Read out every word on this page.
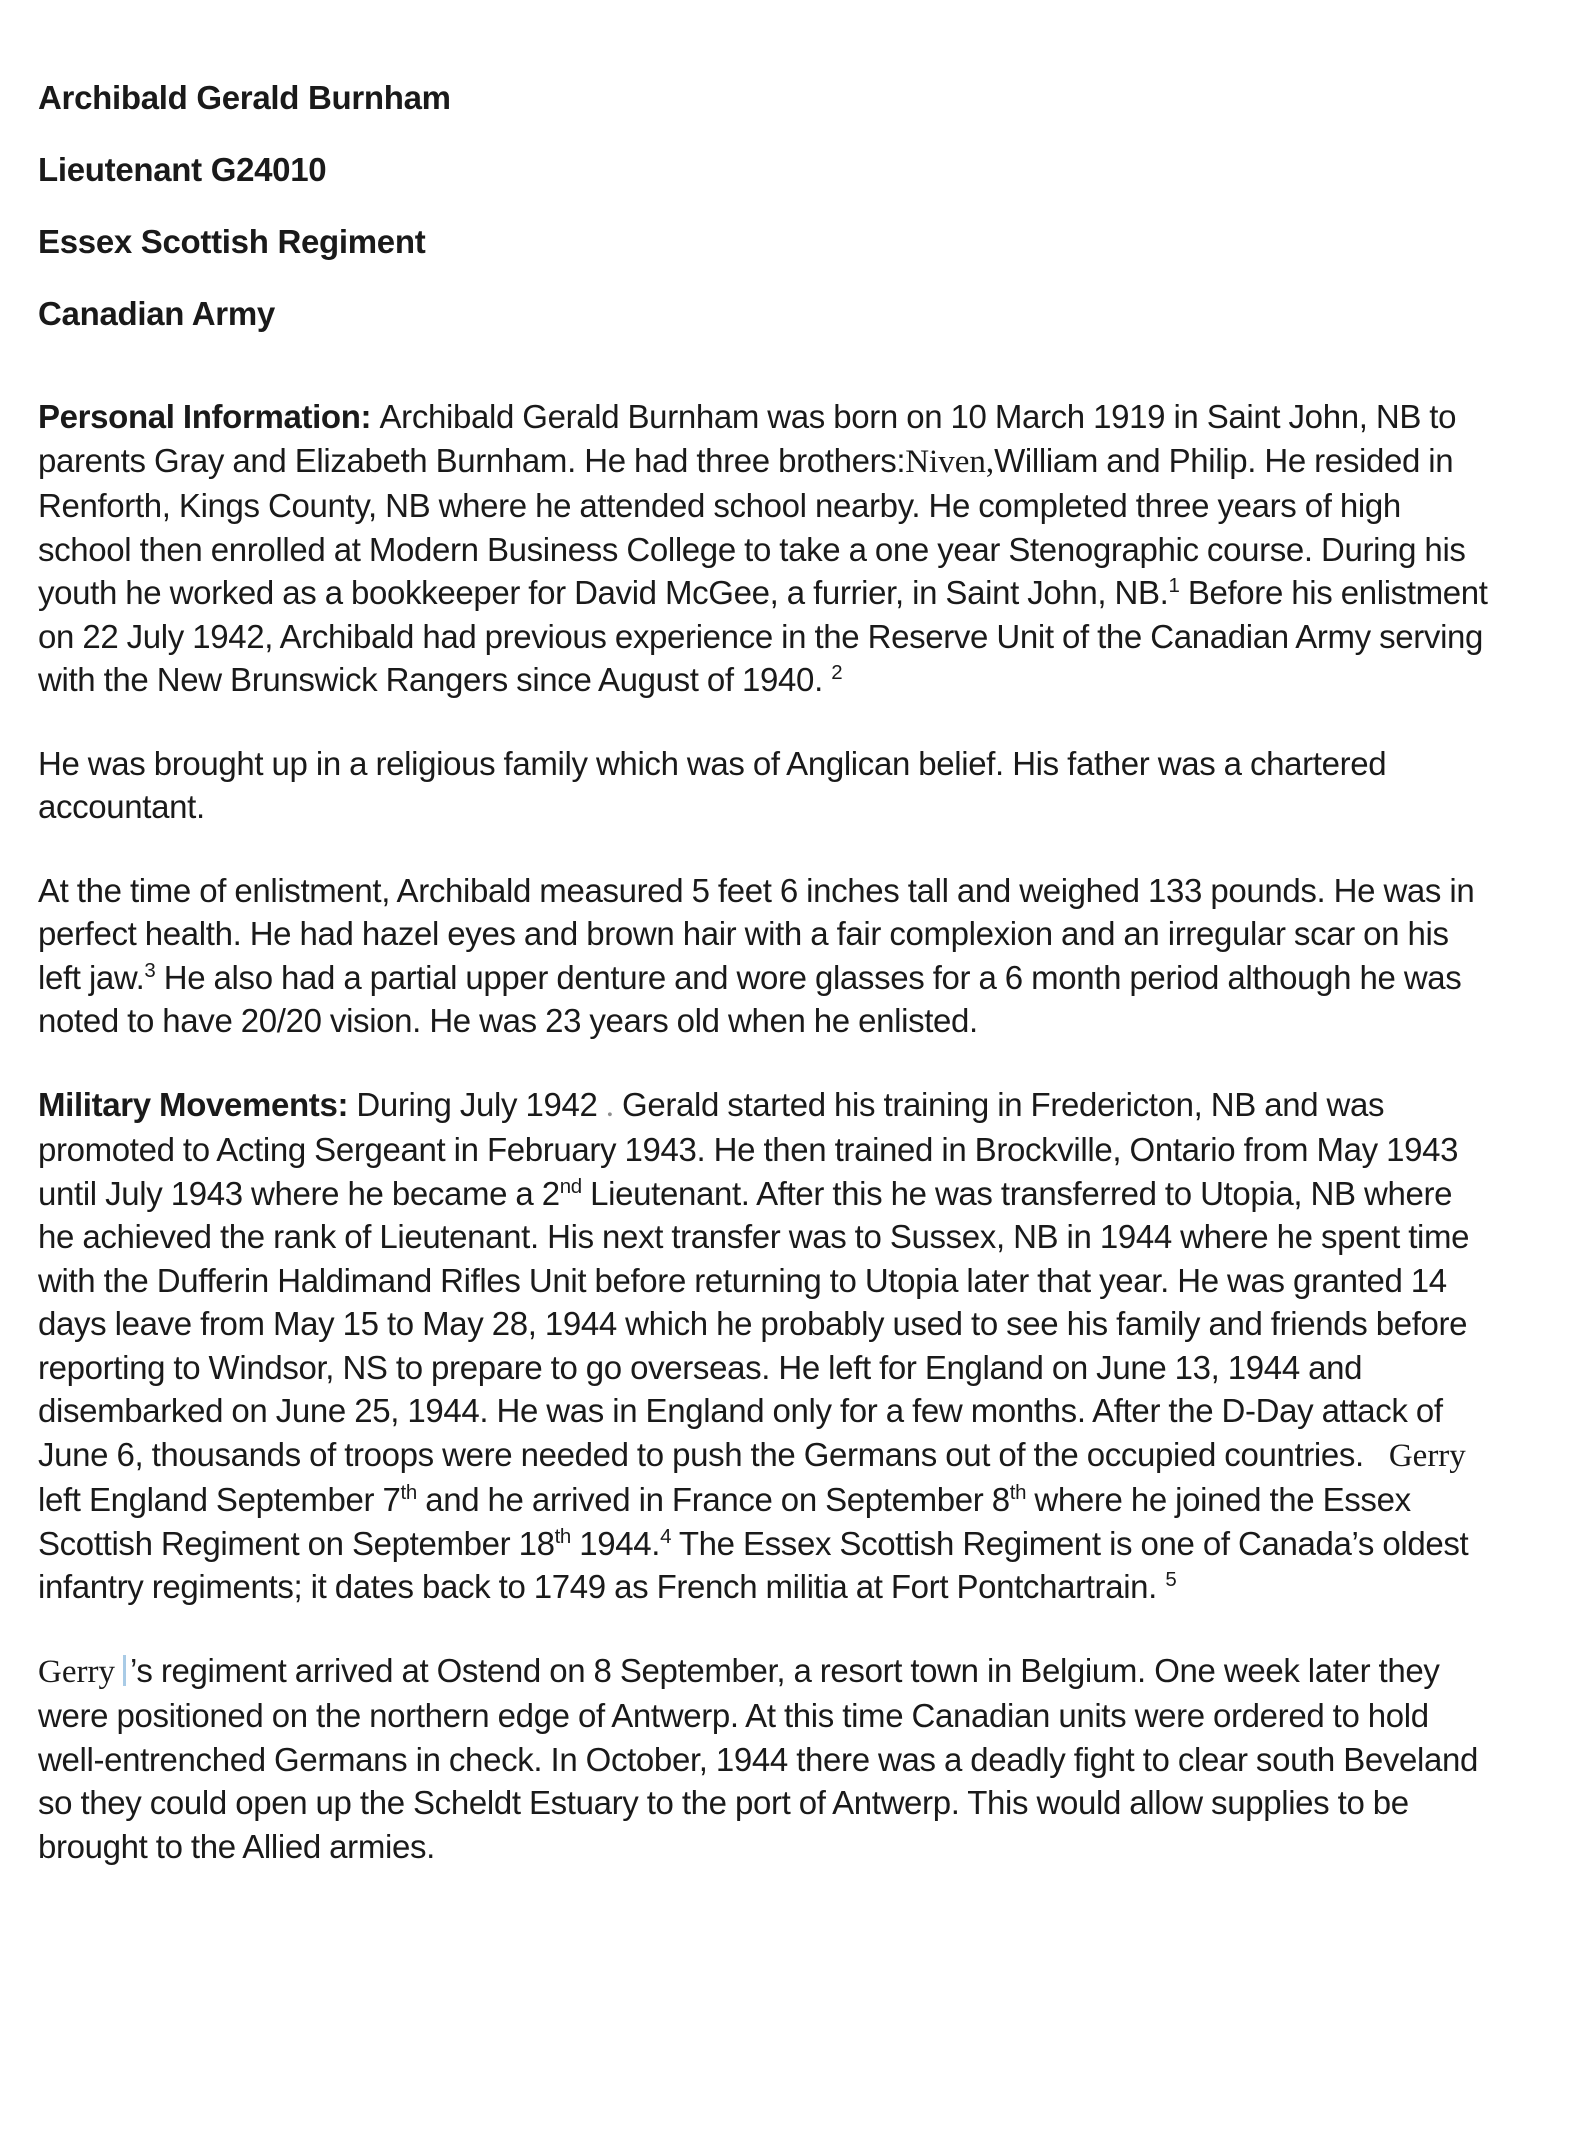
Archibald Gerald Burnham

Lieutenant G24010

Essex Scottish Regiment

Canadian Army

Personal Information: Archibald Gerald Burnham was born on 10 March 1919 in Saint John, NB to parents Gray and Elizabeth Burnham. He had three brothers:Niven,William and Philip. He resided in Renforth, Kings County, NB where he attended school nearby. He completed three years of high school then enrolled at Modern Business College to take a one year Stenographic course. During his youth he worked as a bookkeeper for David McGee, a furrier, in Saint John, NB.$^1$ Before his enlistment on 22 July 1942, Archibald had previous experience in the Reserve Unit of the Canadian Army serving with the New Brunswick Rangers since August of 1940. $^2$

He was brought up in a religious family which was of Anglican belief. His father was a chartered accountant.

At the time of enlistment, Archibald measured 5 feet 6 inches tall and weighed 133 pounds. He was in perfect health. He had hazel eyes and brown hair with a fair complexion and an irregular scar on his left jaw.$^3$ He also had a partial upper denture and wore glasses for a 6 month period although he was noted to have 20/20 vision. He was 23 years old when he enlisted.

Military Movements: During July 1942 . Gerald started his training in Fredericton, NB and was promoted to Acting Sergeant in February 1943. He then trained in Brockville, Ontario from May 1943 until July 1943 where he became a 2nd Lieutenant. After this he was transferred to Utopia, NB where he achieved the rank of Lieutenant. His next transfer was to Sussex, NB in 1944 where he spent time with the Dufferin Haldimand Rifles Unit before returning to Utopia later that year. He was granted 14 days leave from May 15 to May 28, 1944 which he probably used to see his family and friends before reporting to Windsor, NS to prepare to go overseas. He left for England on June 13, 1944 and disembarked on June 25, 1944. He was in England only for a few months. After the D-Day attack of June 6, thousands of troops were needed to push the Germans out of the occupied countries.   Gerry left England September 7th and he arrived in France on September 8th where he joined the Essex Scottish Regiment on September 18th 1944.$^4$ The Essex Scottish Regiment is one of Canada’s oldest infantry regiments; it dates back to 1749 as French militia at Fort Pontchartrain. $^5$

Gerry ’s regiment arrived at Ostend on 8 September, a resort town in Belgium. One week later they were positioned on the northern edge of Antwerp. At this time Canadian units were ordered to hold well-entrenched Germans in check. In October, 1944 there was a deadly fight to clear south Beveland so they could open up the Scheldt Estuary to the port of Antwerp. This would allow supplies to be brought to the Allied armies.
